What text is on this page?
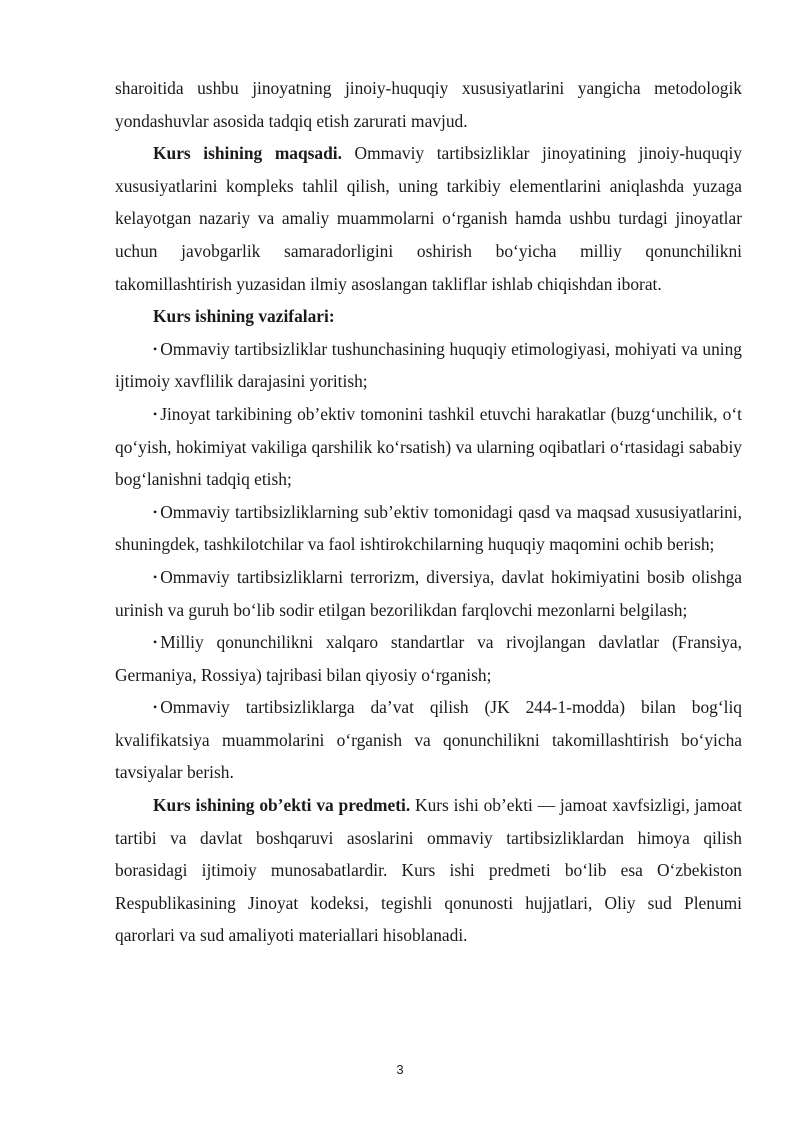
sharoitida ushbu jinoyatning jinoiy-huquqiy xususiyatlarini yangicha metodologik yondashuvlar asosida tadqiq etish zarurati mavjud.

Kurs ishining maqsadi. Ommaviy tartibsizliklar jinoyatining jinoiy-huquqiy xususiyatlarini kompleks tahlil qilish, uning tarkibiy elementlarini aniqlashda yuzaga kelayotgan nazariy va amaliy muammolarni o‘rganish hamda ushbu turdagi jinoyatlar uchun javobgarlik samaradorligini oshirish bo‘yicha milliy qonunchilikni takomillashtirish yuzasidan ilmiy asoslangan takliflar ishlab chiqishdan iborat.

Kurs ishining vazifalari:

• Ommaviy tartibsizliklar tushunchasining huquqiy etimologiyasi, mohiyati va uning ijtimoiy xavflilik darajasini yoritish;

• Jinoyat tarkibining ob’ektiv tomonini tashkil etuvchi harakatlar (buzg‘unchilik, o‘t qo‘yish, hokimiyat vakiliga qarshilik ko‘rsatish) va ularning oqibatlari o‘rtasidagi sababiy bog‘lanishni tadqiq etish;

• Ommaviy tartibsizliklarning sub’ektiv tomonidagi qasd va maqsad xususiyatlarini, shuningdek, tashkilotchilar va faol ishtirokchilarning huquqiy maqomini ochib berish;

• Ommaviy tartibsizliklarni terrorizm, diversiya, davlat hokimiyatini bosib olishga urinish va guruh bo‘lib sodir etilgan bezorilikdan farqlovchi mezonlarni belgilash;

• Milliy qonunchilikni xalqaro standartlar va rivojlangan davlatlar (Fransiya, Germaniya, Rossiya) tajribasi bilan qiyosiy o‘rganish;

• Ommaviy tartibsizliklarga da’vat qilish (JK 244-1-modda) bilan bog‘liq kvalifikatsiya muammolarini o‘rganish va qonunchilikni takomillashtirish bo‘yicha tavsiyalar berish.

Kurs ishining ob’ekti va predmeti. Kurs ishi ob’ekti — jamoat xavfsizligi, jamoat tartibi va davlat boshqaruvi asoslarini ommaviy tartibsizliklardan himoya qilish borasidagi ijtimoiy munosabatlardir. Kurs ishi predmeti bo‘lib esa O‘zbekiston Respublikasining Jinoyat kodeksi, tegishli qonunosti hujjatlari, Oliy sud Plenumi qarorlari va sud amaliyoti materiallari hisoblanadi.

3
